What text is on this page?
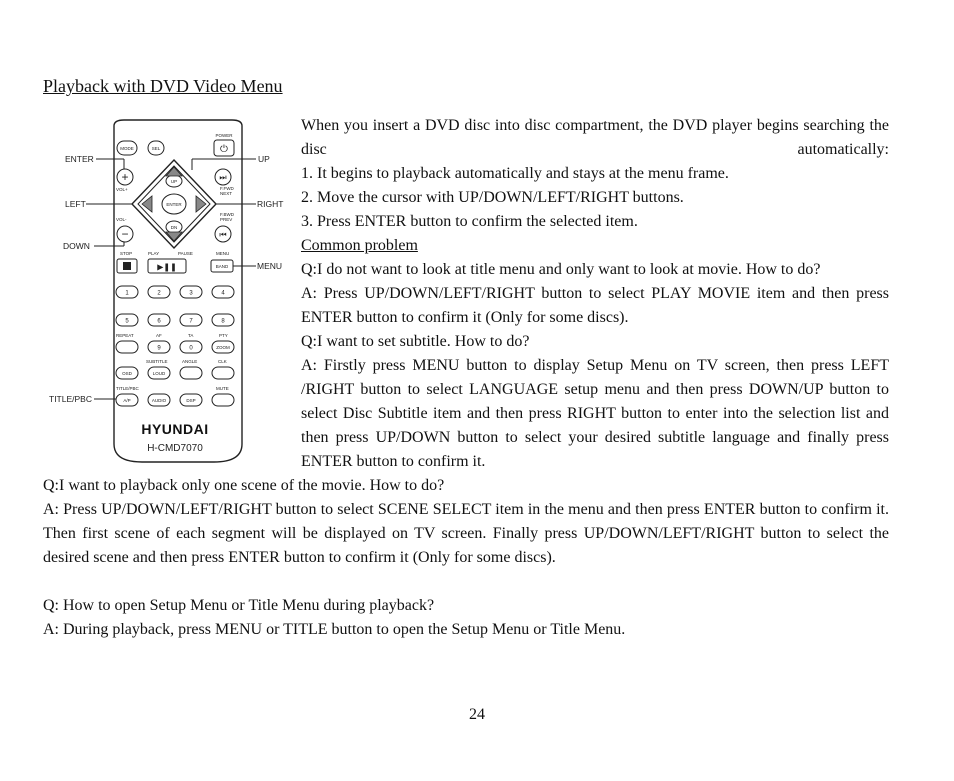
Playback with DVD Video Menu
ENTER
LEFT
DOWN
TITLE/PBC
UP
RIGHT
MENU
MODE	SEL
POWER
⏻
+
−
VOL+
VOL-
UP
ENTER
DN
⏭
⏮
F.FWD
NEXT
F.BWD
PREV
STOP	PLAY	PAUSE	MENU
▶❚❚	BAND
1	2	3	4
5	6	7	8
REPEAT	AF	TA	PTY
9	0	ZOOM
SUBTITLE	ANGLE	CLK
OSD	LOUD
TITLE/PBC	MUTE
A/P	AUDIO	DSP
HYUNDAI
H-CMD7070

When you insert a DVD disc into disc compartment, the DVD player begins searching the disc automatically:

1. It begins to playback automatically and stays at the menu frame.

2. Move the cursor with UP/DOWN/LEFT/RIGHT buttons.

3. Press ENTER button to confirm the selected item.

Common problem

Q:I do not want to look at title menu and only want to look at movie. How to do?

A: Press UP/DOWN/LEFT/RIGHT button to select PLAY MOVIE item and then press ENTER button to confirm it (Only for some discs).

Q:I want to set subtitle. How to do?

A: Firstly press MENU button to display Setup Menu on TV screen, then press LEFT /RIGHT button to select LANGUAGE setup menu and then press DOWN/UP button to select Disc Subtitle item and then press RIGHT button to enter into the selection list and then press UP/DOWN button to select your desired subtitle language and finally press ENTER button to confirm it.

Q:I want to playback only one scene of the movie. How to do?

A: Press UP/DOWN/LEFT/RIGHT button to select SCENE SELECT item in the menu and then press ENTER button to confirm it. Then first scene of each segment will be displayed on TV screen. Finally press UP/DOWN/LEFT/RIGHT button to select the desired scene and then press ENTER button to confirm it (Only for some discs).

Q: How to open Setup Menu or Title Menu during playback?

A: During playback, press MENU or TITLE button to open the Setup Menu or Title Menu.

24
